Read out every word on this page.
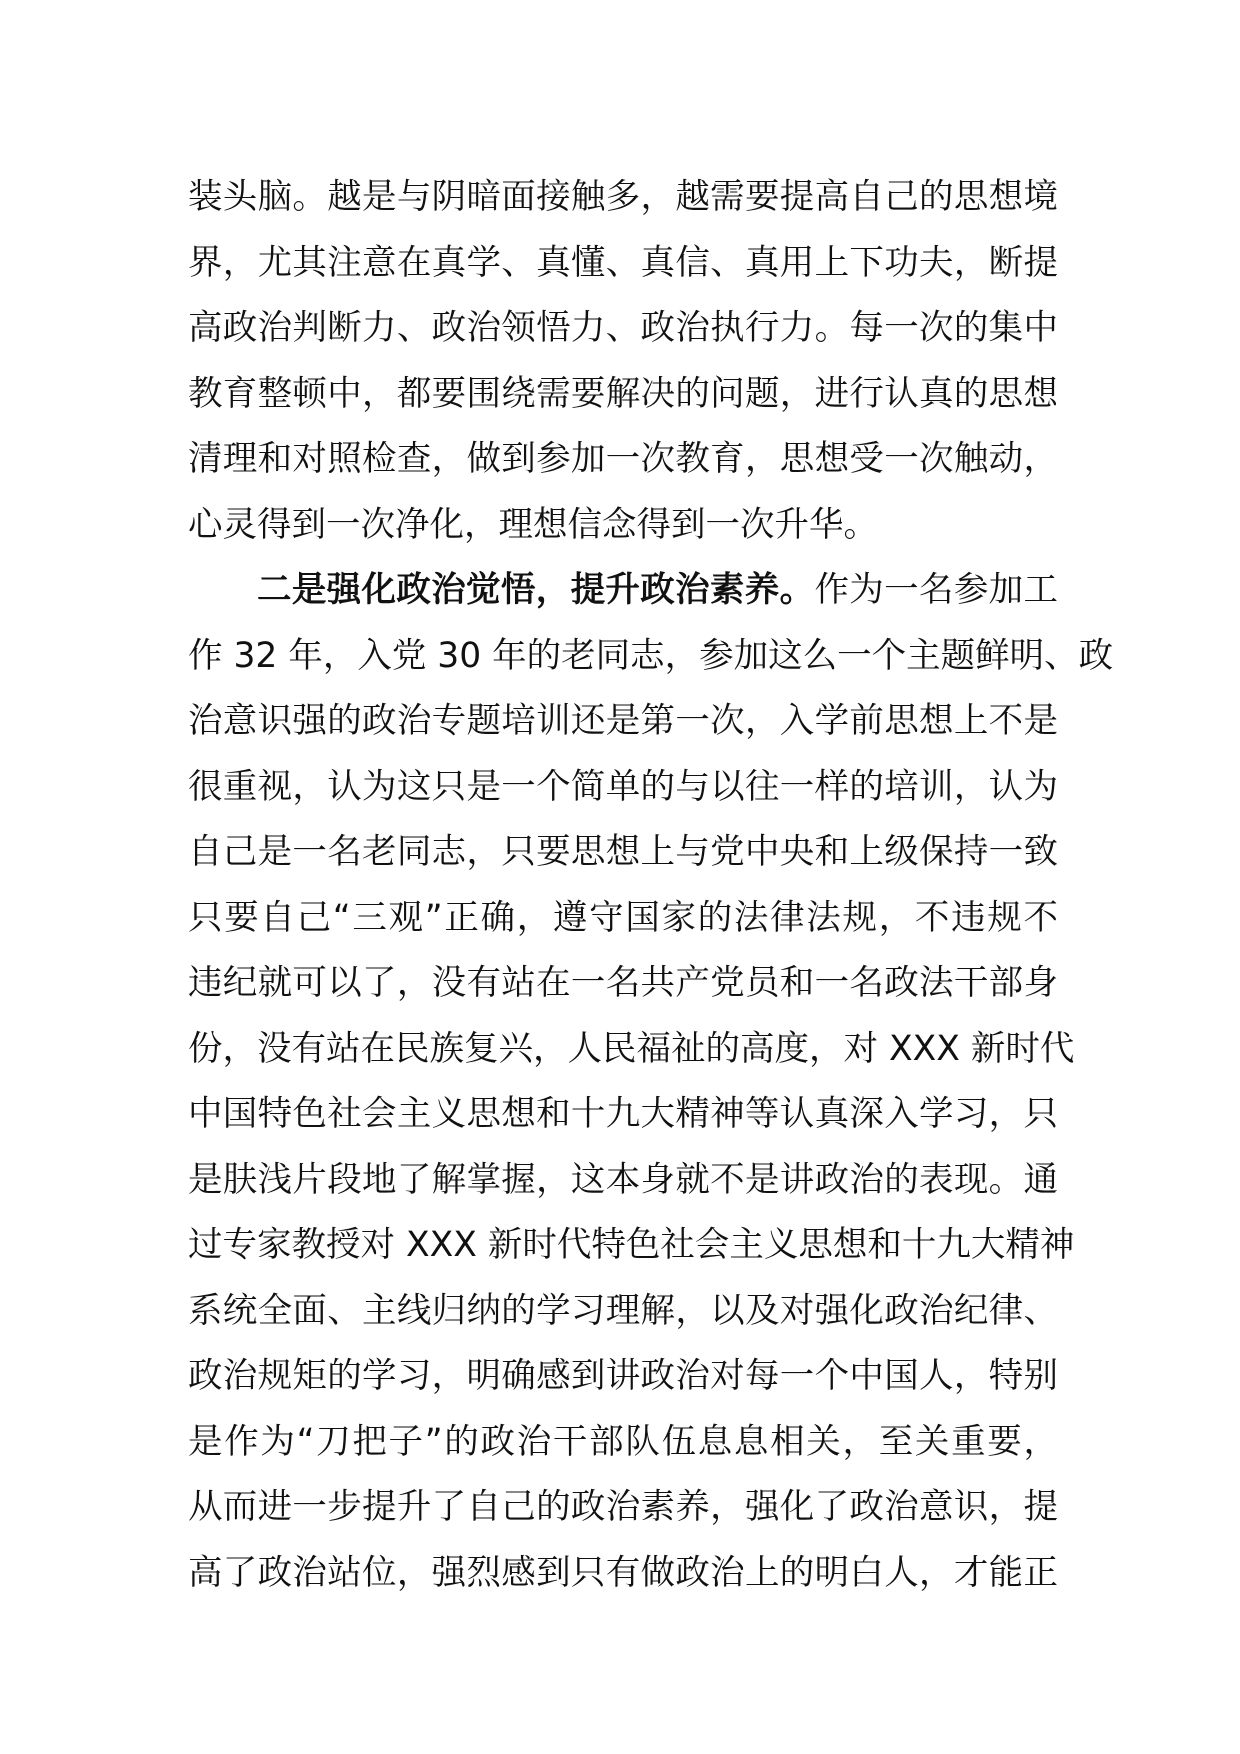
装头脑。越是与阴暗面接触多，越需要提高自己的思想境
界，尤其注意在真学、真懂、真信、真用上下功夫，断提
高政治判断力、政治领悟力、政治执行力。每一次的集中
教育整顿中，都要围绕需要解决的问题，进行认真的思想
清理和对照检查，做到参加一次教育，思想受一次触动，
心灵得到一次净化，理想信念得到一次升华。
二是强化政治觉悟，提升政治素养。作为一名参加工
作 32 年，入党 30 年的老同志，参加这么一个主题鲜明、政
治意识强的政治专题培训还是第一次，入学前思想上不是
很重视，认为这只是一个简单的与以往一样的培训，认为
自己是一名老同志，只要思想上与党中央和上级保持一致
只要自己“三观”正确，遵守国家的法律法规，不违规不
违纪就可以了，没有站在一名共产党员和一名政法干部身
份，没有站在民族复兴，人民福祉的高度，对 XXX 新时代
中国特色社会主义思想和十九大精神等认真深入学习，只
是肤浅片段地了解掌握，这本身就不是讲政治的表现。通
过专家教授对 XXX 新时代特色社会主义思想和十九大精神
系统全面、主线归纳的学习理解，以及对强化政治纪律、
政治规矩的学习，明确感到讲政治对每一个中国人，特别
是作为“刀把子”的政治干部队伍息息相关，至关重要，
从而进一步提升了自己的政治素养，强化了政治意识，提
高了政治站位，强烈感到只有做政治上的明白人，才能正
